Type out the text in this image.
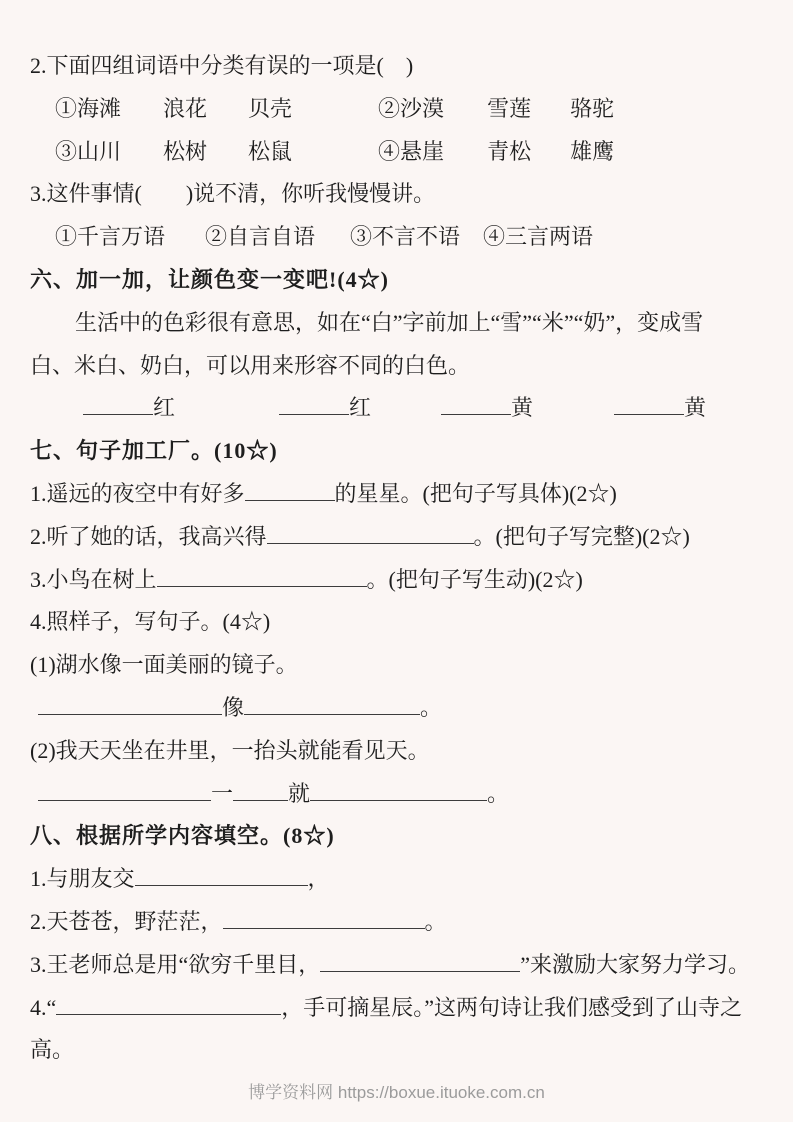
2.下面四组词语中分类有误的一项是(　)
①海滩 浪花 贝壳	②沙漠 雪莲 骆驼
③山川 松树 松鼠	④悬崖 青松 雄鹰
3.这件事情(　　)说不清，你听我慢慢讲。
①千言万语 ②自言自语 ③不言不语 ④三言两语
六、加一加，让颜色变一变吧!(4☆)
生活中的色彩很有意思，如在“白”字前加上“雪”“米”“奶”，变成雪
白、米白、奶白，可以用来形容不同的白色。
红	红	黄	黄
七、句子加工厂。(10☆)
1.遥远的夜空中有好多	的星星。(把句子写具体)(2☆)
2.听了她的话，我高兴得	。(把句子写完整)(2☆)
3.小鸟在树上	。(把句子写生动)(2☆)
4.照样子，写句子。(4☆)
(1)湖水像一面美丽的镜子。
像	。
(2)我天天坐在井里，一抬头就能看见天。
一	就	。
八、根据所学内容填空。(8☆)
1.与朋友交	，
2.天苍苍，野茫茫，	。
3.王老师总是用“欲穷千里目，	”来激励大家努力学习。
4.“	，手可摘星辰。”这两句诗让我们感受到了山寺之
高。
博学资料网 https://boxue.ituoke.com.cn
